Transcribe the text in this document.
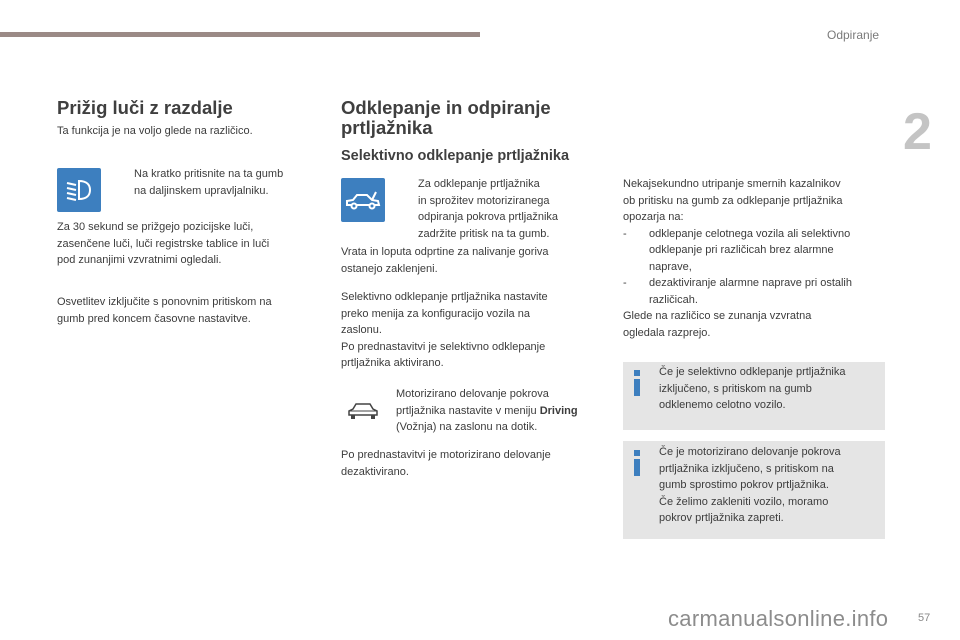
Odpiranje
2
Prižig luči z razdalje
Ta funkcija je na voljo glede na različico.
Na kratko pritisnite na ta gumb
na daljinskem upravljalniku.
Za 30 sekund se prižgejo pozicijske luči,
zasenčene luči, luči registrske tablice in luči
pod zunanjimi vzvratnimi ogledali.
Osvetlitev izključite s ponovnim pritiskom na
gumb pred koncem časovne nastavitve.
Odklepanje in odpiranje
prtljažnika
Selektivno odklepanje prtljažnika
Za odklepanje prtljažnika
in sprožitev motoriziranega
odpiranja pokrova prtljažnika
zadržite pritisk na ta gumb.
Vrata in loputa odprtine za nalivanje goriva
ostanejo zaklenjeni.
Selektivno odklepanje prtljažnika nastavite
preko menija za konfiguracijo vozila na
zaslonu.
Po prednastavitvi je selektivno odklepanje
prtljažnika aktivirano.
Motorizirano delovanje pokrova
prtljažnika nastavite v meniju Driving
(Vožnja) na zaslonu na dotik.
Po prednastavitvi je motorizirano delovanje
dezaktivirano.
Nekajsekundno utripanje smernih kazalnikov
ob pritisku na gumb za odklepanje prtljažnika
opozarja na:
- odklepanje celotnega vozila ali selektivno
odklepanje pri različicah brez alarmne
naprave,
- dezaktiviranje alarmne naprave pri ostalih
različicah.
Glede na različico se zunanja vzvratna
ogledala razprejo.
Če je selektivno odklepanje prtljažnika
izključeno, s pritiskom na gumb
odklenemo celotno vozilo.
Če je motorizirano delovanje pokrova
prtljažnika izključeno, s pritiskom na
gumb sprostimo pokrov prtljažnika.
Če želimo zakleniti vozilo, moramo
pokrov prtljažnika zapreti.
57
carmanualsonline.info
